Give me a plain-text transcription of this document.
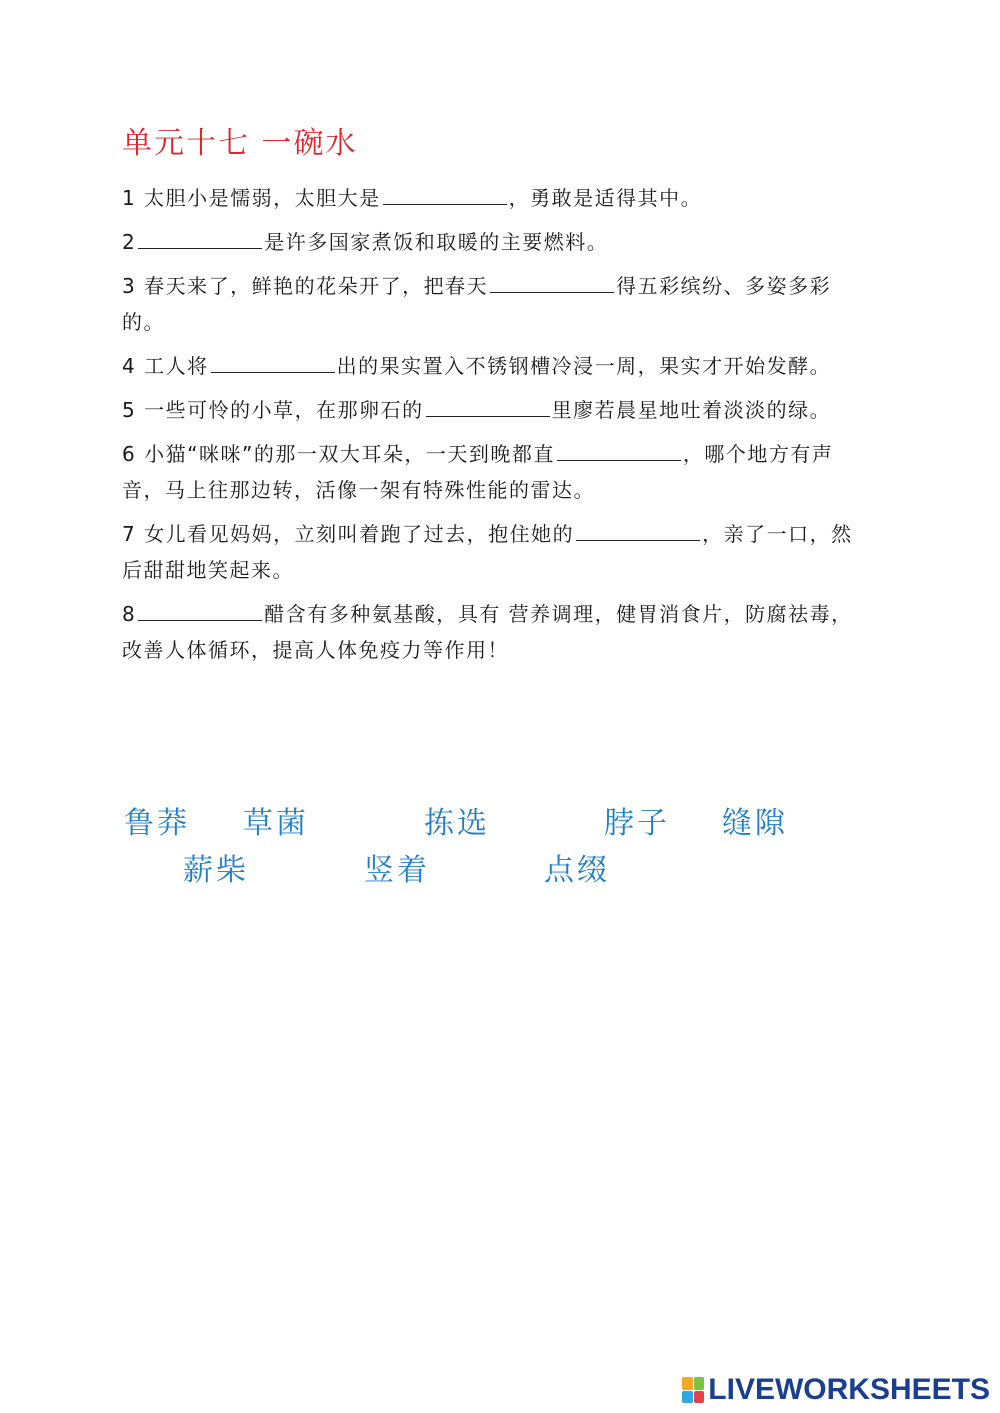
单元十七 一碗水
1 太胆小是懦弱，太胆大是	，勇敢是适得其中。
2	是许多国家煮饭和取暖的主要燃料。
3 春天来了，鲜艳的花朵开了，把春天	得五彩缤纷、多姿多彩的。
4 工人将	出的果实置入不锈钢槽冷浸一周，果实才开始发酵。
5 一些可怜的小草，在那卵石的	里廖若晨星地吐着淡淡的绿。
6 小猫“咪咪”的那一双大耳朵，一天到晚都直	，哪个地方有声音，马上往那边转，活像一架有特殊性能的雷达。
7 女儿看见妈妈，立刻叫着跑了过去，抱住她的	，亲了一口，然后甜甜地笑起来。
8	醋含有多种氨基酸，具有 营养调理，健胃消食片，防腐祛毒，改善人体循环，提高人体免疫力等作用！
鲁莽 草菌	拣选	脖子 缝隙
薪柴	竖着	点缀
LIVEWORKSHEETS
